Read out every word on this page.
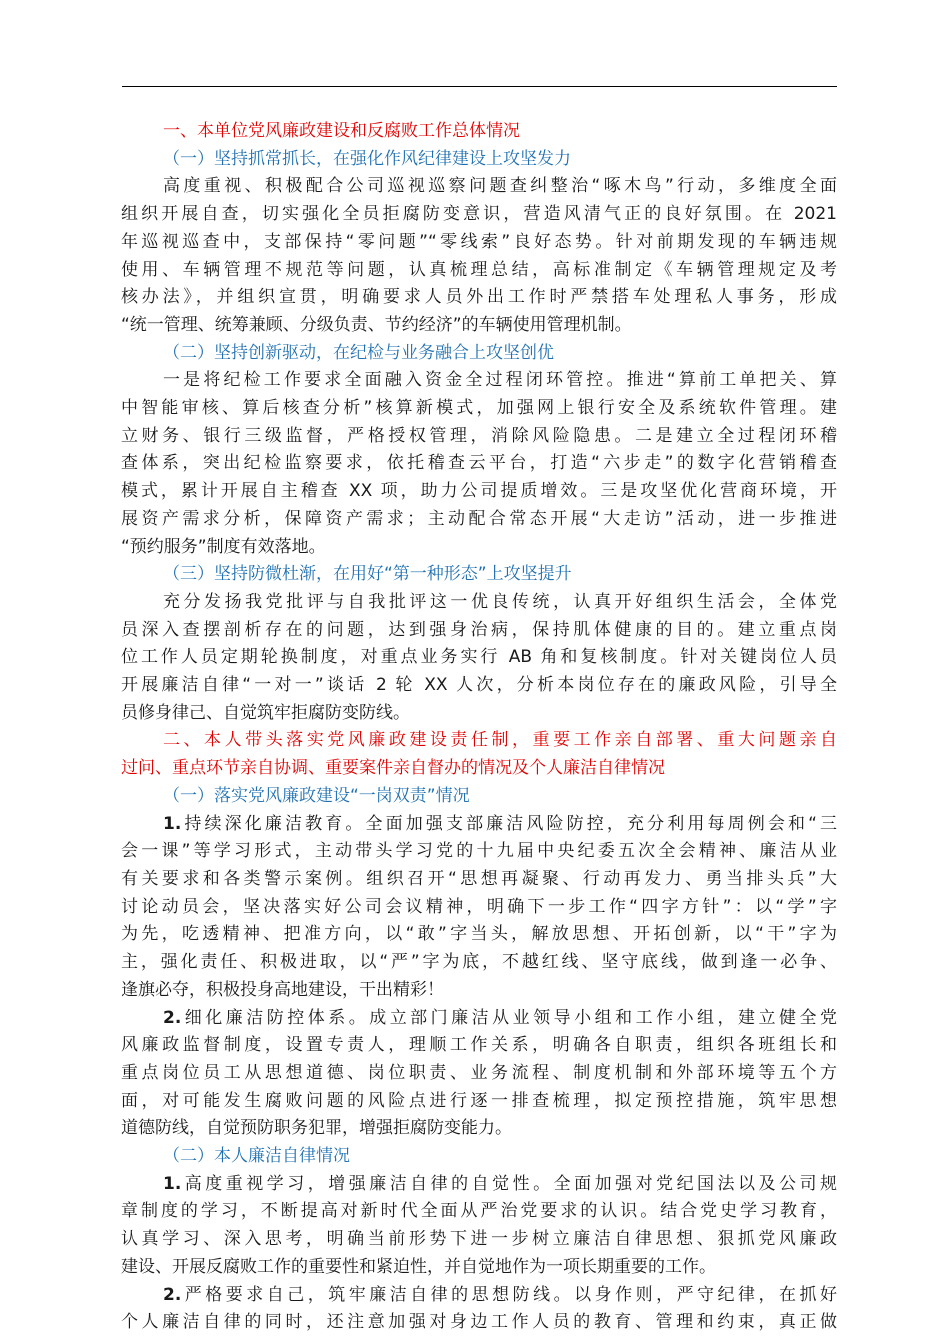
一、本单位党风廉政建设和反腐败工作总体情况
（一）坚持抓常抓长，在强化作风纪律建设上攻坚发力
高度重视、积极配合公司巡视巡察问题查纠整治“啄木鸟”行动，多维度全面
组织开展自查，切实强化全员拒腐防变意识，营造风清气正的良好氛围。在 2021
年巡视巡查中，支部保持“零问题”“零线索”良好态势。针对前期发现的车辆违规
使用、车辆管理不规范等问题，认真梳理总结，高标准制定《车辆管理规定及考
核办法》，并组织宣贯，明确要求人员外出工作时严禁搭车处理私人事务，形成
“统一管理、统筹兼顾、分级负责、节约经济”的车辆使用管理机制。
（二）坚持创新驱动，在纪检与业务融合上攻坚创优
一是将纪检工作要求全面融入资金全过程闭环管控。推进“算前工单把关、算
中智能审核、算后核查分析”核算新模式，加强网上银行安全及系统软件管理。建
立财务、银行三级监督，严格授权管理，消除风险隐患。二是建立全过程闭环稽
查体系，突出纪检监察要求，依托稽查云平台，打造“六步走”的数字化营销稽查
模式，累计开展自主稽查 XX 项，助力公司提质增效。三是攻坚优化营商环境，开
展资产需求分析，保障资产需求；主动配合常态开展“大走访”活动，进一步推进
“预约服务”制度有效落地。
（三）坚持防微杜渐，在用好“第一种形态”上攻坚提升
充分发扬我党批评与自我批评这一优良传统，认真开好组织生活会，全体党
员深入查摆剖析存在的问题，达到强身治病，保持肌体健康的目的。建立重点岗
位工作人员定期轮换制度，对重点业务实行 AB 角和复核制度。针对关键岗位人员
开展廉洁自律“一对一”谈话 2 轮 XX 人次，分析本岗位存在的廉政风险，引导全
员修身律己、自觉筑牢拒腐防变防线。
二、本人带头落实党风廉政建设责任制，重要工作亲自部署、重大问题亲自
过问、重点环节亲自协调、重要案件亲自督办的情况及个人廉洁自律情况
（一）落实党风廉政建设“一岗双责”情况
1.持续深化廉洁教育。全面加强支部廉洁风险防控，充分利用每周例会和“三
会一课”等学习形式，主动带头学习党的十九届中央纪委五次全会精神、廉洁从业
有关要求和各类警示案例。组织召开“思想再凝聚、行动再发力、勇当排头兵”大
讨论动员会，坚决落实好公司会议精神，明确下一步工作“四字方针”：以“学”字
为先，吃透精神、把准方向，以“敢”字当头，解放思想、开拓创新，以“干”字为
主，强化责任、积极进取，以“严”字为底，不越红线、坚守底线，做到逢一必争、
逢旗必夺，积极投身高地建设，干出精彩！
2.细化廉洁防控体系。成立部门廉洁从业领导小组和工作小组，建立健全党
风廉政监督制度，设置专责人，理顺工作关系，明确各自职责，组织各班组长和
重点岗位员工从思想道德、岗位职责、业务流程、制度机制和外部环境等五个方
面，对可能发生腐败问题的风险点进行逐一排查梳理，拟定预控措施，筑牢思想
道德防线，自觉预防职务犯罪，增强拒腐防变能力。
（二）本人廉洁自律情况
1.高度重视学习，增强廉洁自律的自觉性。全面加强对党纪国法以及公司规
章制度的学习，不断提高对新时代全面从严治党要求的认识。结合党史学习教育，
认真学习、深入思考，明确当前形势下进一步树立廉洁自律思想、狠抓党风廉政
建设、开展反腐败工作的重要性和紧迫性，并自觉地作为一项长期重要的工作。
2.严格要求自己，筑牢廉洁自律的思想防线。以身作则，严守纪律，在抓好
个人廉洁自律的同时，还注意加强对身边工作人员的教育、管理和约束，真正做
